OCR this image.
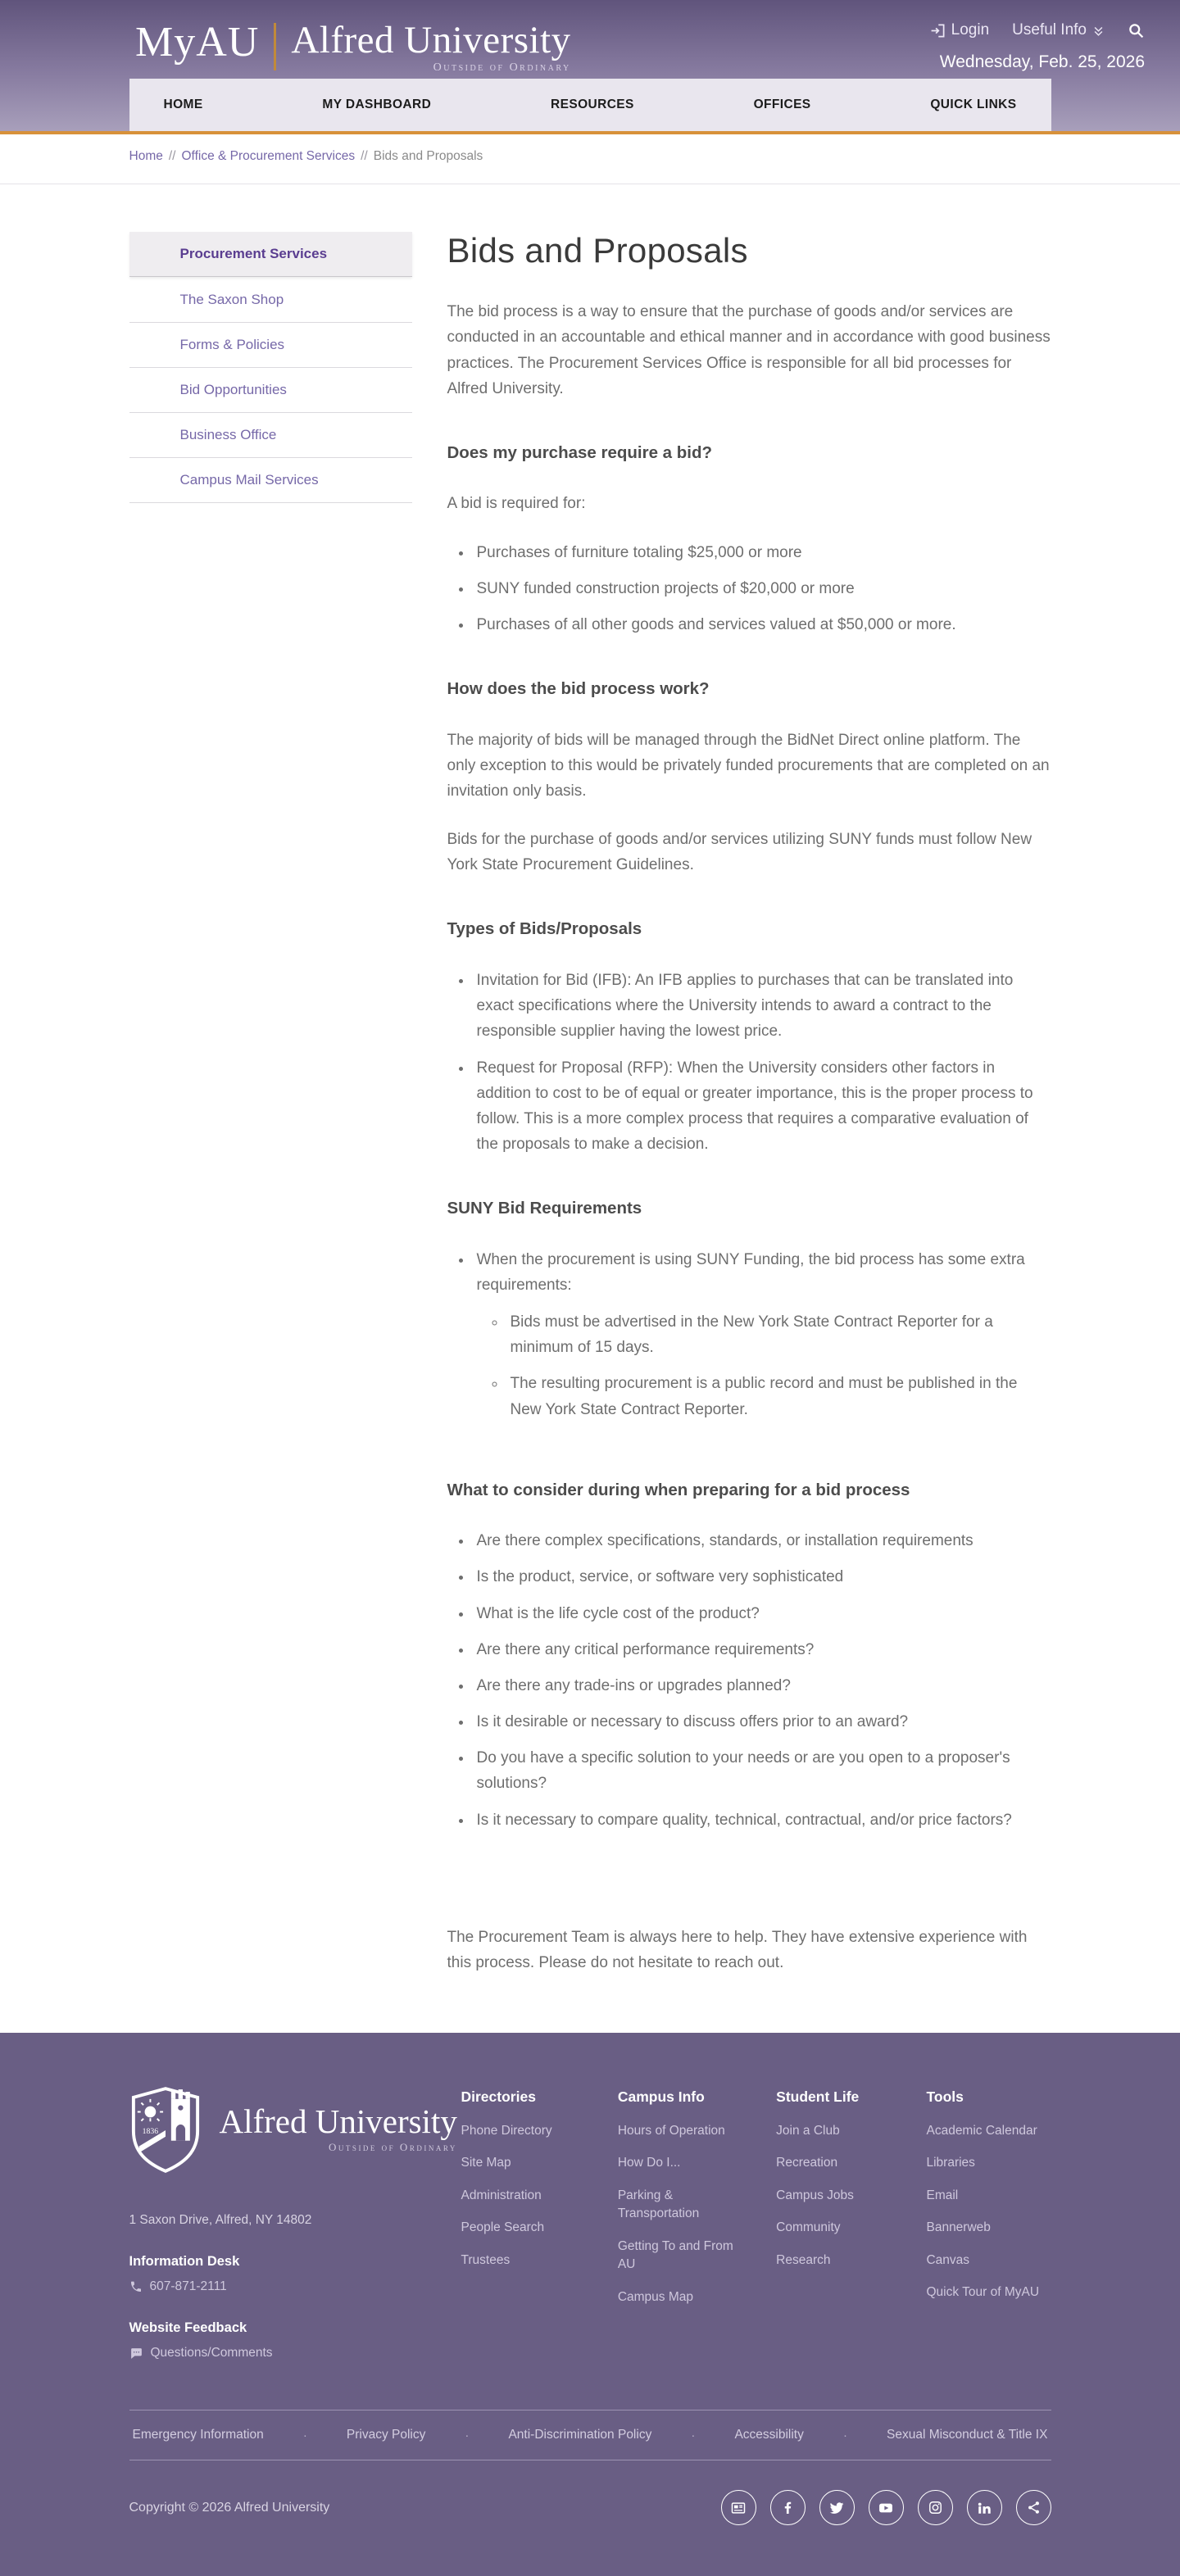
MyAU Alfred University
Outside of Ordinary
Login Useful Info
Wednesday, Feb. 25, 2026
HOME	MY DASHBOARD	RESOURCES	OFFICES	QUICK LINKS
Home // Office & Procurement Services // Bids and Proposals
Procurement Services
The Saxon Shop
Forms & Policies
Bid Opportunities
Business Office
Campus Mail Services
Bids and Proposals

The bid process is a way to ensure that the purchase of goods and/or services are conducted in an accountable and ethical manner and in accordance with good business practices. The Procurement Services Office is responsible for all bid processes for Alfred University.

Does my purchase require a bid?

A bid is required for:

• Purchases of furniture totaling $25,000 or more
• SUNY funded construction projects of $20,000 or more
• Purchases of all other goods and services valued at $50,000 or more.
How does the bid process work?

The majority of bids will be managed through the BidNet Direct online platform. The only exception to this would be privately funded procurements that are completed on an invitation only basis.

Bids for the purchase of goods and/or services utilizing SUNY funds must follow New York State Procurement Guidelines.

Types of Bids/Proposals
• Invitation for Bid (IFB): An IFB applies to purchases that can be translated into exact specifications where the University intends to award a contract to the responsible supplier having the lowest price.
• Request for Proposal (RFP): When the University considers other factors in addition to cost to be of equal or greater importance, this is the proper process to follow. This is a more complex process that requires a comparative evaluation of the proposals to make a decision.
SUNY Bid Requirements
• When the procurement is using SUNY Funding, the bid process has some extra requirements:
◦ Bids must be advertised in the New York State Contract Reporter for a minimum of 15 days.
◦ The resulting procurement is a public record and must be published in the New York State Contract Reporter.
What to consider during when preparing for a bid process
• Are there complex specifications, standards, or installation requirements
• Is the product, service, or software very sophisticated
• What is the life cycle cost of the product?
• Are there any critical performance requirements?
• Are there any trade-ins or upgrades planned?
• Is it desirable or necessary to discuss offers prior to an award?
• Do you have a specific solution to your needs or are you open to a proposer's solutions?
• Is it necessary to compare quality, technical, contractual, and/or price factors?

The Procurement Team is always here to help. They have extensive experience with this process. Please do not hesitate to reach out.

1836 Alfred University
Outside of Ordinary
1 Saxon Drive, Alfred, NY 14802
Information Desk
607-871-2111
Website Feedback
Questions/Comments
Directories
Phone Directory
Site Map
Administration
People Search
Trustees
Campus Info
Hours of Operation
How Do I...
Parking & Transportation
Getting To and From AU
Campus Map
Student Life
Join a Club
Recreation
Campus Jobs
Community
Research
Tools
Academic Calendar
Libraries
Email
Bannerweb
Canvas
Quick Tour of MyAU
Emergency Information	·	Privacy Policy	·	Anti-Discrimination Policy	·	Accessibility	·	Sexual Misconduct & Title IX
Copyright © 2026 Alfred University
